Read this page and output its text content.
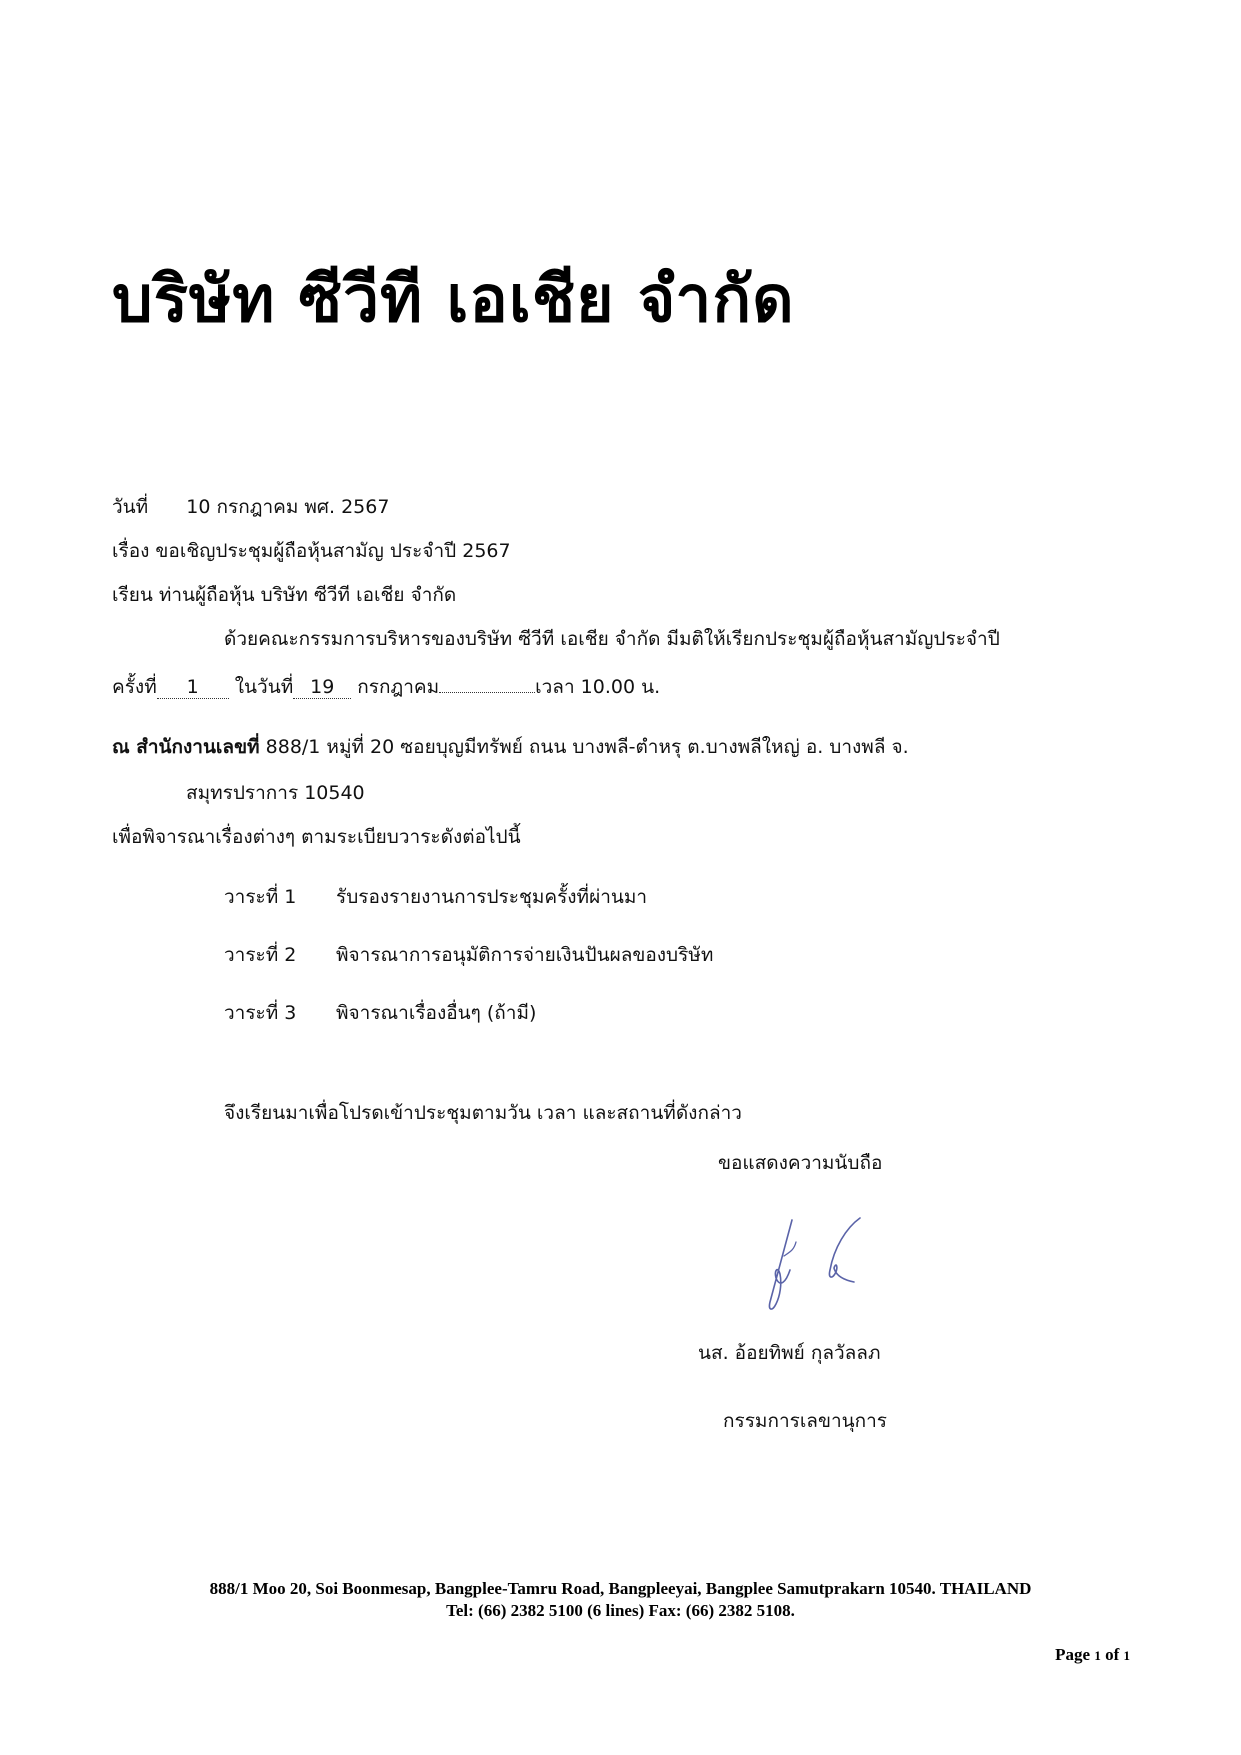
บริษัท ซีวีที เอเชีย จำกัด
วันที่ 10 กรกฎาคม พศ. 2567
เรื่อง ขอเชิญประชุมผู้ถือหุ้นสามัญ ประจำปี 2567
เรียน ท่านผู้ถือหุ้น บริษัท ซีวีที เอเชีย จำกัด
ด้วยคณะกรรมการบริหารของบริษัท ซีวีที เอเชีย จำกัด มีมติให้เรียกประชุมผู้ถือหุ้นสามัญประจำปี
ครั้งที่ 1 ในวันที่ 19 กรกฎาคม	เวลา 10.00 น.
ณ สำนักงานเลขที่ 888/1 หมู่ที่ 20 ซอยบุญมีทรัพย์ ถนน บางพลี-ตำหรุ ต.บางพลีใหญ่ อ. บางพลี จ.
สมุทรปราการ 10540
เพื่อพิจารณาเรื่องต่างๆ ตามระเบียบวาระดังต่อไปนี้
วาระที่ 1 รับรองรายงานการประชุมครั้งที่ผ่านมา
วาระที่ 2 พิจารณาการอนุมัติการจ่ายเงินปันผลของบริษัท
วาระที่ 3 พิจารณาเรื่องอื่นๆ (ถ้ามี)
จึงเรียนมาเพื่อโปรดเข้าประชุมตามวัน เวลา และสถานที่ดังกล่าว
ขอแสดงความนับถือ
นส. อ้อยทิพย์ กุลวัลลภ
กรรมการเลขานุการ
888/1 Moo 20, Soi Boonmesap, Bangplee-Tamru Road, Bangpleeyai, Bangplee Samutprakarn 10540. THAILAND
Tel: (66) 2382 5100 (6 lines) Fax: (66) 2382 5108.
Page 1 of 1
